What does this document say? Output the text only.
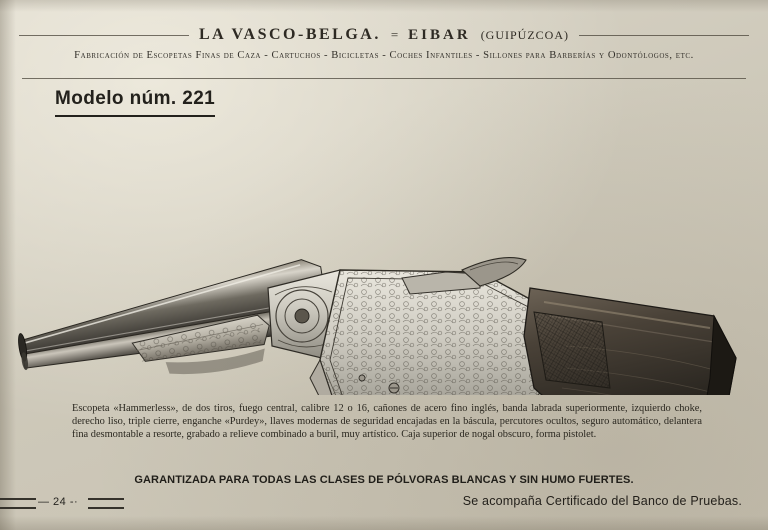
LA VASCO-BELGA. = EIBAR (GUIPÚZCOA)
Fabricación de Escopetas Finas de Caza - Cartuchos - Bicicletas - Coches Infantiles - Sillones para Barberías y Odontólogos, etc.
Modelo núm. 221
Escopeta «Hammerless», de dos tiros, fuego central, calibre 12 o 16, cañones de acero fino inglés, banda labrada superiormente, izquierdo choke, derecho liso, triple cierre, enganche «Purdey», llaves modernas de seguridad encajadas en la báscula, percutores ocultos, seguro automático, delantera fina desmontable a resorte, grabado a relieve combinado a buril, muy artístico. Caja superior de nogal obscuro, forma pistolet.
GARANTIZADA PARA TODAS LAS CLASES DE PÓLVORAS BLANCAS Y SIN HUMO FUERTES.
— 24 -·	Se acompaña Certificado del Banco de Pruebas.
